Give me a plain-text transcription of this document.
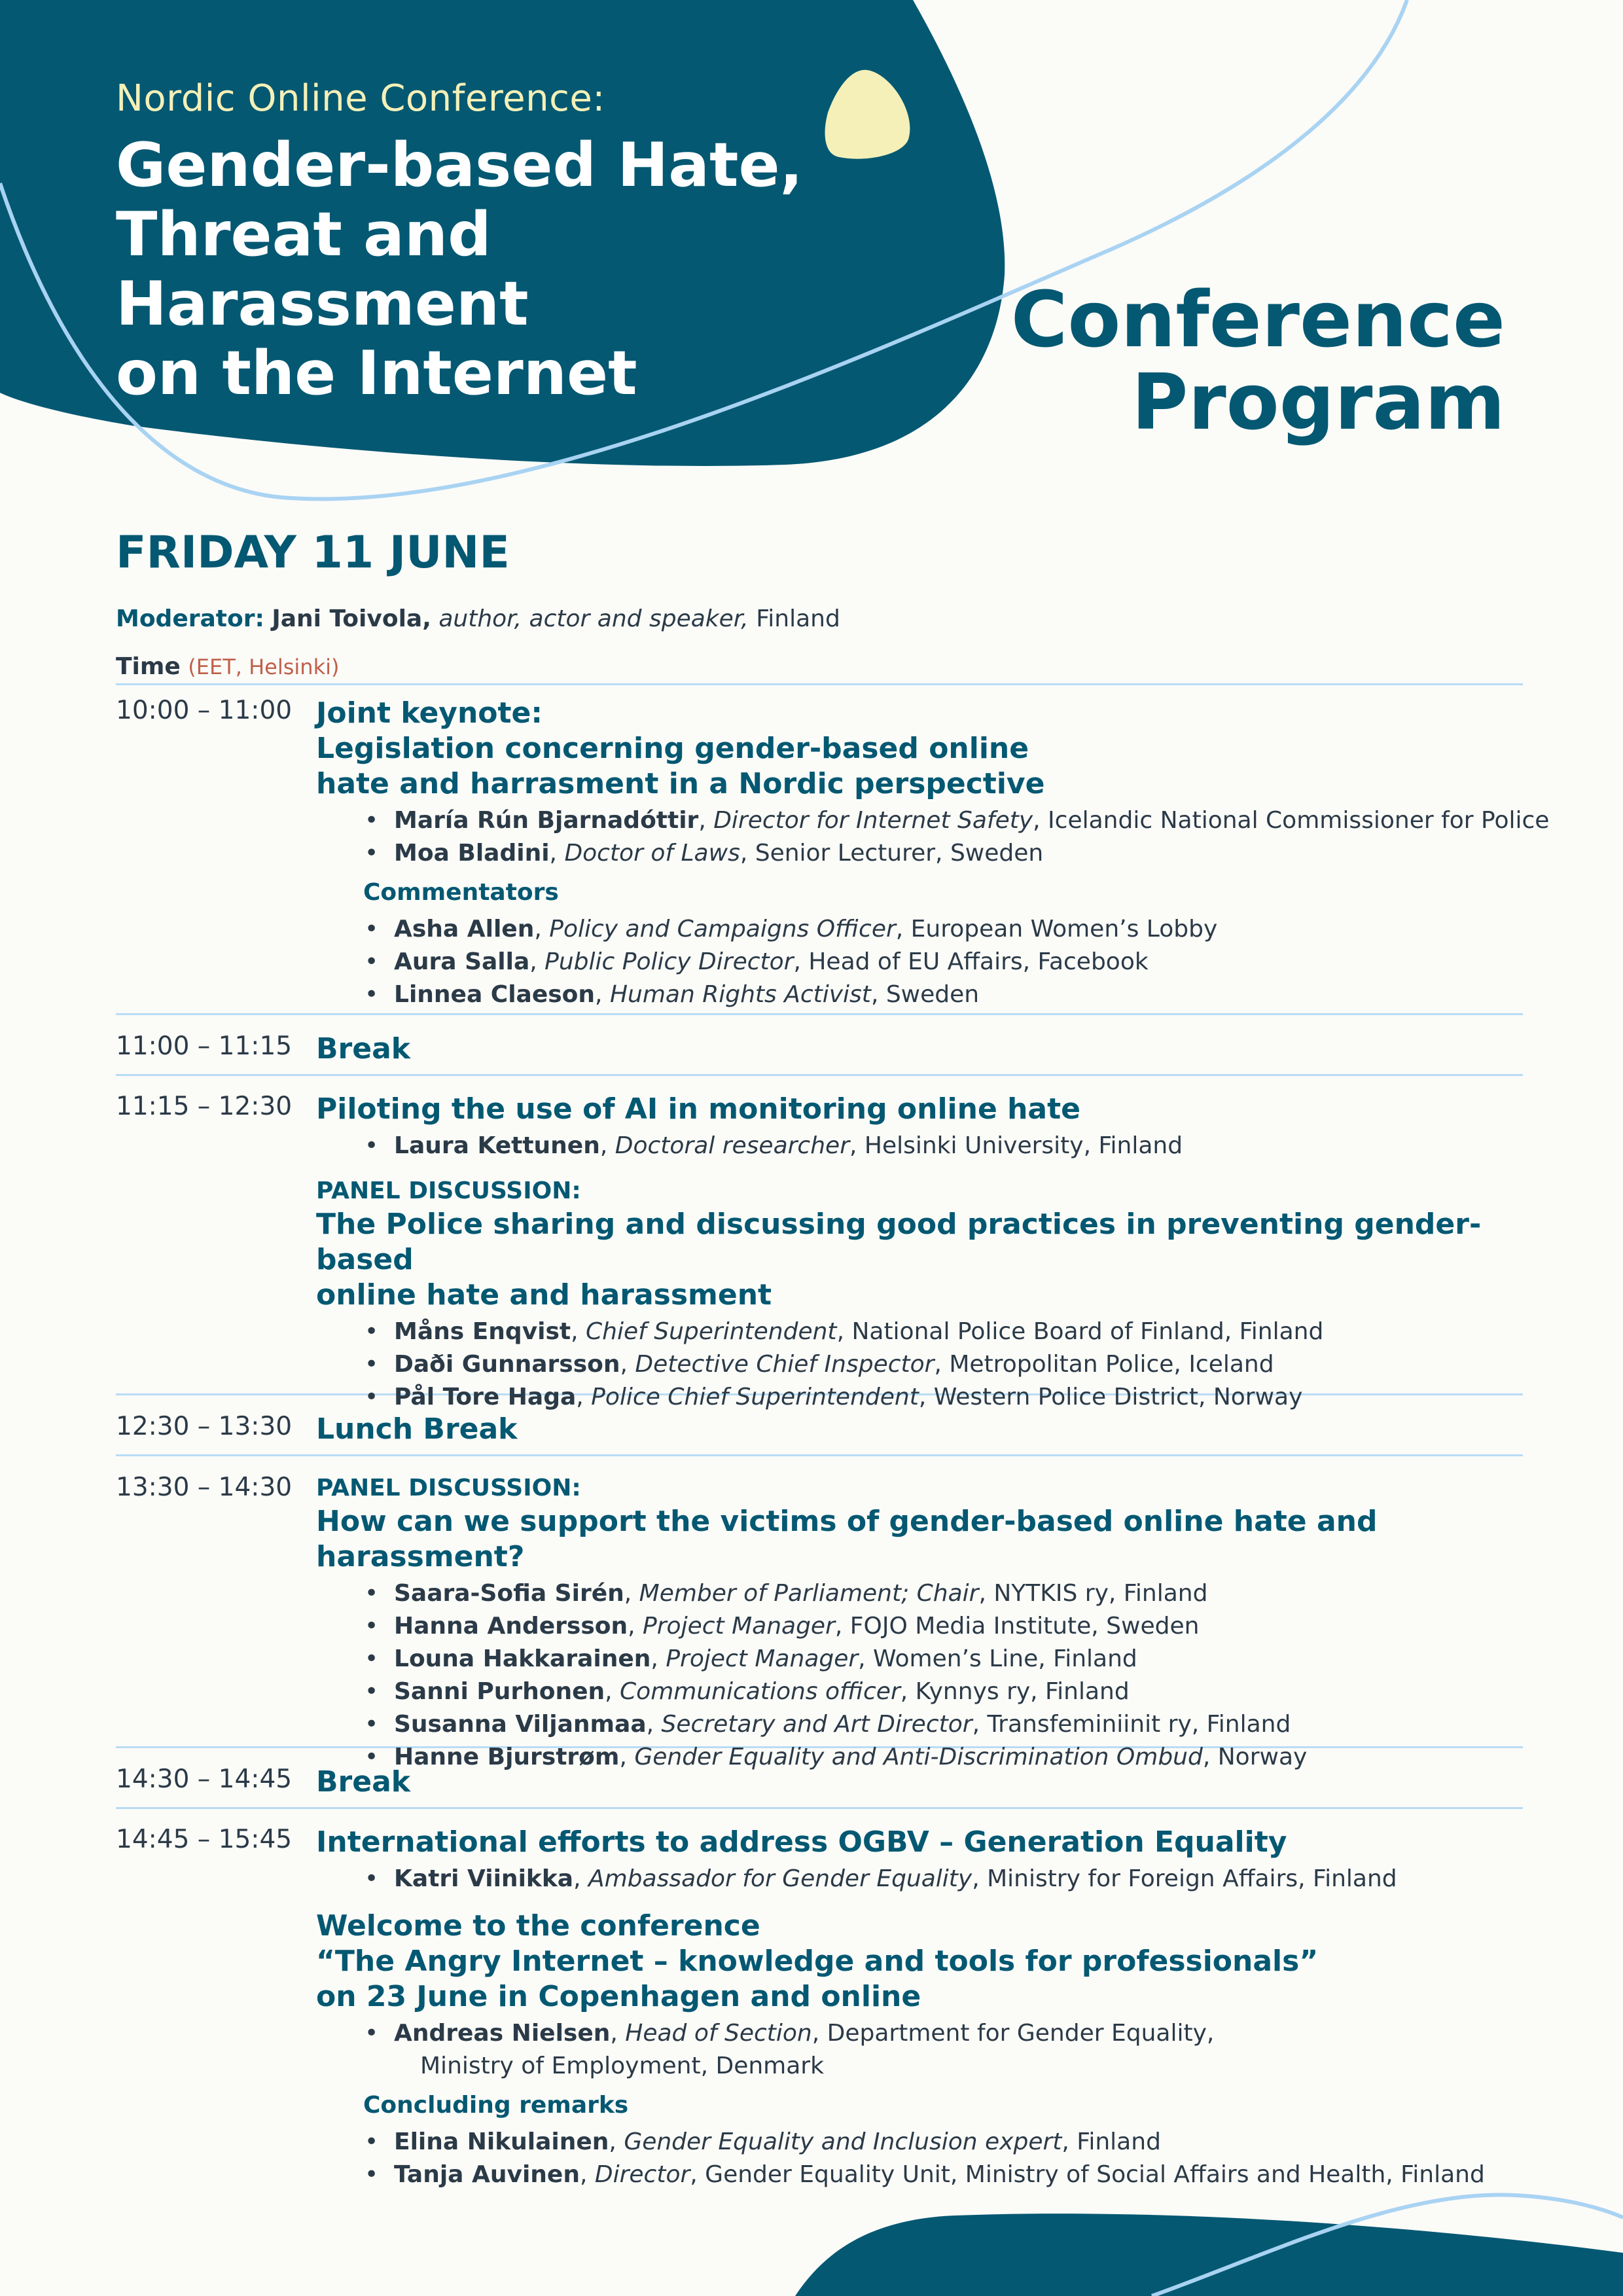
Nordic Online Conference:
Gender-based Hate,
Threat and Harassment
on the Internet
Conference
Program
FRIDAY 11 JUNE
Moderator: Jani Toivola, author, actor and speaker, Finland
Time (EET, Helsinki)
10:00 – 11:00 Joint keynote:
Legislation concerning gender-based online
hate and harrasment in a Nordic perspective
• María Rún Bjarnadóttir, Director for Internet Safety, Icelandic National Commissioner for Police
• Moa Bladini, Doctor of Laws, Senior Lecturer, Sweden
Commentators
• Asha Allen, Policy and Campaigns Officer, European Women’s Lobby
• Aura Salla, Public Policy Director, Head of EU Affairs, Facebook
• Linnea Claeson, Human Rights Activist, Sweden
11:00 – 11:15 Break
11:15 – 12:30 Piloting the use of AI in monitoring online hate
• Laura Kettunen, Doctoral researcher, Helsinki University, Finland
PANEL DISCUSSION:
The Police sharing and discussing good practices in preventing gender-based
online hate and harassment
• Måns Enqvist, Chief Superintendent, National Police Board of Finland, Finland
• Daði Gunnarsson, Detective Chief Inspector, Metropolitan Police, Iceland
• Pål Tore Haga, Police Chief Superintendent, Western Police District, Norway
12:30 – 13:30 Lunch Break
13:30 – 14:30 PANEL DISCUSSION:
How can we support the victims of gender-based online hate and harassment?
• Saara-Sofia Sirén, Member of Parliament; Chair, NYTKIS ry, Finland
• Hanna Andersson, Project Manager, FOJO Media Institute, Sweden
• Louna Hakkarainen, Project Manager, Women’s Line, Finland
• Sanni Purhonen, Communications officer, Kynnys ry, Finland
• Susanna Viljanmaa, Secretary and Art Director, Transfeminiinit ry, Finland
• Hanne Bjurstrøm, Gender Equality and Anti-Discrimination Ombud, Norway
14:30 – 14:45 Break
14:45 – 15:45 International efforts to address OGBV – Generation Equality
• Katri Viinikka, Ambassador for Gender Equality, Ministry for Foreign Affairs, Finland
Welcome to the conference
“The Angry Internet – knowledge and tools for professionals”
on 23 June in Copenhagen and online
• Andreas Nielsen, Head of Section, Department for Gender Equality,
Ministry of Employment, Denmark
Concluding remarks
• Elina Nikulainen, Gender Equality and Inclusion expert, Finland
• Tanja Auvinen, Director, Gender Equality Unit, Ministry of Social Affairs and Health, Finland
